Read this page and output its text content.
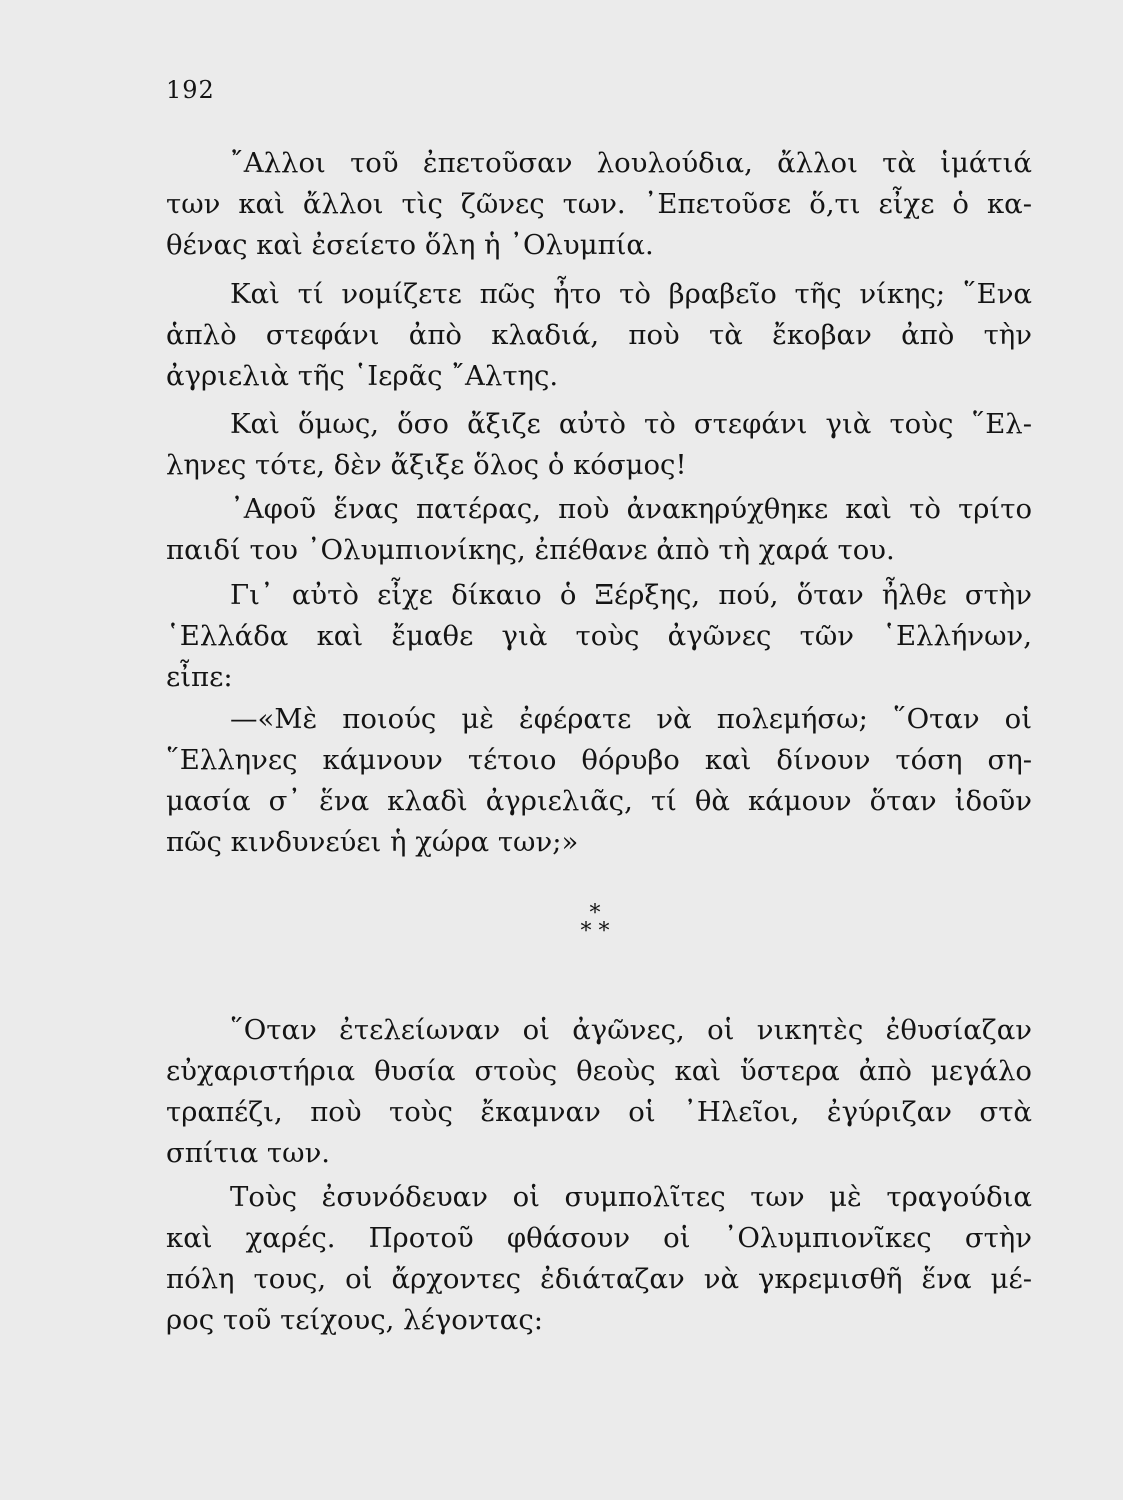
192
῎Αλλοι τοῦ ἐπετοῦσαν λουλούδια, ἄλλοι τὰ ἱμάτιά
των καὶ ἄλλοι τὶς ζῶνες των. ᾿Επετοῦσε ὅ,τι εἶχε ὁ κα-
θένας καὶ ἐσείετο ὅλη ἡ ᾿Ολυμπία.
Καὶ τί νομίζετε πῶς ἦτο τὸ βραβεῖο τῆς νίκης; ῞Ενα
ἁπλὸ στεφάνι ἀπὸ κλαδιά, ποὺ τὰ ἔκοβαν ἀπὸ τὴν
ἀγριελιὰ τῆς ῾Ιερᾶς ῎Αλτης.
Καὶ ὅμως, ὅσο ἄξιζε αὐτὸ τὸ στεφάνι γιὰ τοὺς ῞Ελ-
ληνες τότε, δὲν ἄξιξε ὅλος ὁ κόσμος!
᾿Αφοῦ ἕνας πατέρας, ποὺ ἀνακηρύχθηκε καὶ τὸ τρίτο
παιδί του ᾿Ολυμπιονίκης, ἐπέθανε ἀπὸ τὴ χαρά του.
Γι᾿ αὐτὸ εἶχε δίκαιο ὁ Ξέρξης, πού, ὅταν ἦλθε στὴν
῾Ελλάδα καὶ ἔμαθε γιὰ τοὺς ἀγῶνες τῶν ῾Ελλήνων,
εἶπε:
—«Μὲ ποιούς μὲ ἐφέρατε νὰ πολεμήσω; ῞Οταν οἱ
῞Ελληνες κάμνουν τέτοιο θόρυβο καὶ δίνουν τόση ση-
μασία σ᾿ ἕνα κλαδὶ ἀγριελιᾶς, τί θὰ κάμουν ὅταν ἰδοῦν
πῶς κινδυνεύει ἡ χώρα των;»
*
* *
῞Οταν ἐτελείωναν οἱ ἀγῶνες, οἱ νικητὲς ἐθυσίαζαν
εὐχαριστήρια θυσία στοὺς θεοὺς καὶ ὕστερα ἀπὸ μεγάλο
τραπέζι, ποὺ τοὺς ἔκαμναν οἱ ᾿Ηλεῖοι, ἐγύριζαν στὰ
σπίτια των.
Τοὺς ἐσυνόδευαν οἱ συμπολῖτες των μὲ τραγούδια
καὶ χαρές. Προτοῦ φθάσουν οἱ ᾿Ολυμπιονῖκες στὴν
πόλη τους, οἱ ἄρχοντες ἐδιάταζαν νὰ γκρεμισθῆ ἕνα μέ-
ρος τοῦ τείχους, λέγοντας:
